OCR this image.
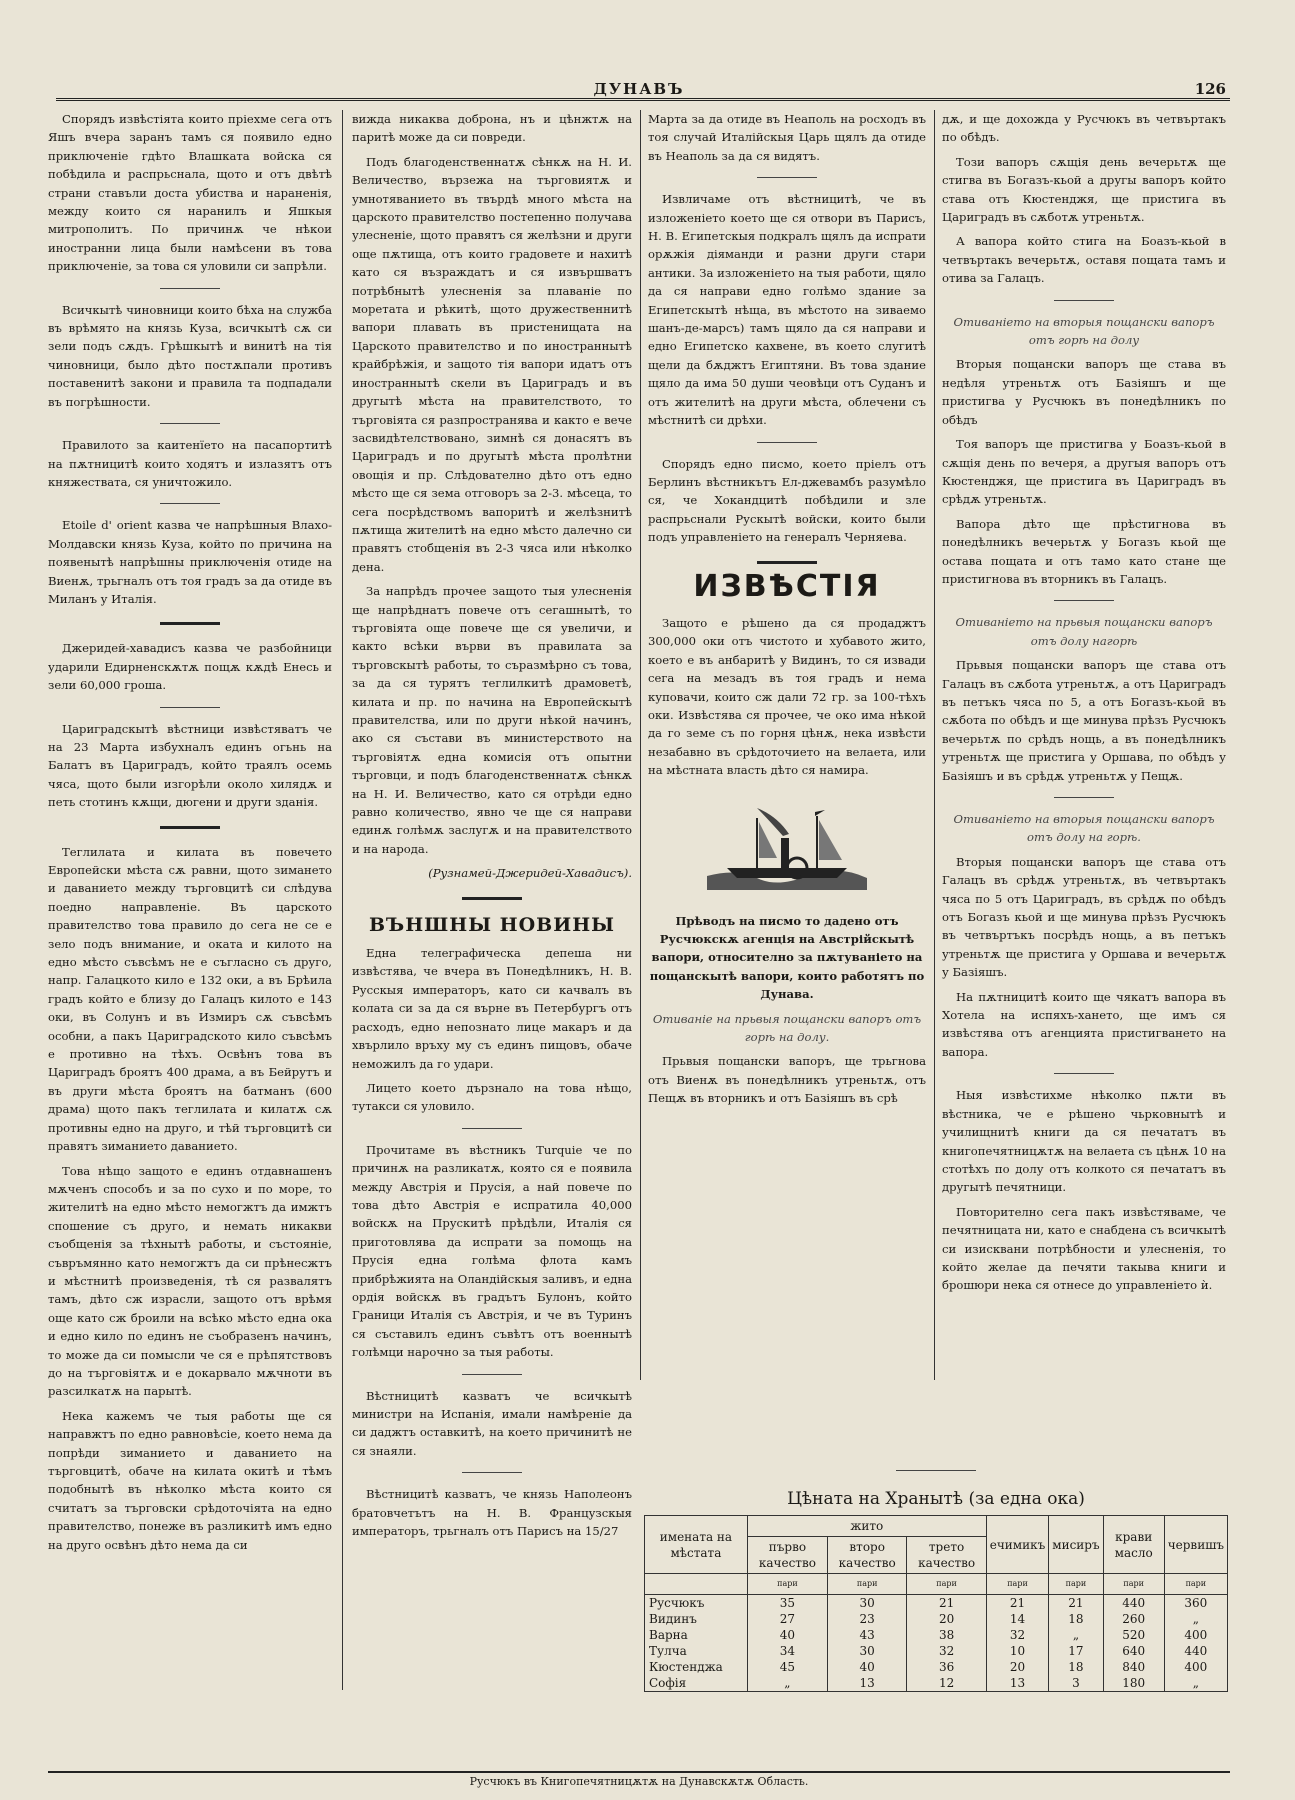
ДУНАВЪ	126

Спорядъ извѣстіята които пріехме сега отъ Яшъ вчера заранъ тамъ ся появило едно приключеніе гдѣто Влашката войска ся побѣдила и распрьснала, щото и отъ двѣтѣ страни ставъли доста убиства и нараненія, между които ся наранилъ и Яшкыя митрополитъ. По причинѫ че нѣкои иностранни лица были намѣсени въ това приключеніе, за това ся уловили си запрѣли.

Всичкытѣ чиновници които бѣха на служба въ врѣмято на князь Куза, всичкытѣ сѫ си зели подъ сѫдъ. Грѣшкытѣ и винитѣ на тія чиновници, было дѣто постѫпали противъ поставенитѣ закони и правила та подпадали въ погрѣшности.

Правилото за каитенїето на пасапортитѣ на пѫтницитѣ които ходятъ и излазятъ отъ княжествата, ся уничтожило.

Etoile d' orient казва че напрѣшныя Влахо-Молдавски князь Куза, който по причина на появенытѣ напрѣшны приключенія отиде на Виенѫ, трьгналъ отъ тоя градъ за да отиде въ Миланъ у Италія.

Джеридей-хавадисъ казва че разбойници ударили Едирненскѫтѫ пощѫ кѫдѣ Енесь и зели 60,000 гроша.

Цариградскытѣ вѣстници извѣстяватъ че на 23 Марта избухналъ единъ огьнь на Балатъ въ Цариградъ, който траялъ осемь чяса, щото были изгорѣли около хилядѫ и петь стотинъ кѫщи, дюгени и други зданія.

Теглилата и килата въ повечето Европейски мѣста сѫ равни, щото зимането и даванието между търговцитѣ си слѣдува поедно направленіе. Въ царското правителство това правило до сега не се е зело подъ внимание, и оката и килото на едно мѣсто съвсѣмъ не е съгласно съ друго, напр. Галацкото кило е 132 оки, а въ Брѣила градъ който е близу до Галацъ килото е 143 оки, въ Солунъ и въ Измиръ сѫ съвсѣмъ особни, а пакъ Цариградското кило съвсѣмъ е противно на тѣхъ. Освѣнъ това въ Цариградъ броятъ 400 драма, а въ Бейрутъ и въ други мѣста броятъ на батманъ (600 драма) щото пакъ теглилата и килатѫ сѫ противны едно на друго, и тѣй търговцитѣ си правятъ зиманието даванието.

Това нѣщо защото е единъ отдавнашенъ мѫченъ способъ и за по сухо и по море, то жителитѣ на едно мѣсто немогжтъ да имжтъ спошение съ друго, и немать никакви съобщенія за тѣхнытѣ работы, и състояніе, съвръмянно като немогжтъ да си прѣнесжтъ и мѣстнитѣ произведенія, тѣ ся развалятъ тамъ, дѣто сж израсли, защото отъ врѣмя още като сж броили на всѣко мѣсто една ока и едно кило по единъ не съобразенъ начинъ, то може да си помысли че ся е прѣпятствовъ до на търговіятѫ и е докарвало мѫчноти въ разсилкатѫ на парытѣ.

Нека кажемъ че тыя работы ще ся направжтъ по едно равновѣсіе, което нема да попрѣди зиманието и даванието на търговцитѣ, обаче на килата окитѣ и тѣмъ подобнытѣ въ нѣколко мѣста които ся считатъ за търговски срѣдоточіята на едно правителство, понеже въ разликитѣ имъ едно на друго освѣнъ дѣто нема да си

вижда никаква доброна, нъ и цѣнжтѫ на паритѣ може да си повреди.

Подъ благоденственнатѫ сѣнкѫ на Н. И. Величество, вързежа на търговиятѫ и умнотяванието въ твърдѣ много мѣста на царското правителство постепенно получава улесненіе, щото правятъ ся желѣзни и други още пѫтища, отъ които градовете и нахитѣ като ся възраждатъ и ся извършватъ потрѣбнытѣ улесненія за плаваніе по моретата и рѣкитѣ, щото дружественнитѣ вапори плавать въ пристенищата на Царското правителство и по иностраннытѣ крайбрѣжія, и защото тія вапори идатъ отъ иностраннытѣ скели въ Цариградъ и въ другытѣ мѣста на правителството, то търговіята ся разпространява и както е вече засвидѣтелствовано, зимнѣ ся донасятъ въ Цариградъ и по другытѣ мѣста пролѣтни овощія и пр. Слѣдователно дѣто отъ едно мѣсто ще ся зема отговоръ за 2-3. мѣсеца, то сега посрѣдствомъ вапоритѣ и желѣзнитѣ пѫтища жителитѣ на едно мѣсто далечно си правятъ стобщенія въ 2-3 чяса или нѣколко дена.

За напрѣдъ прочее защото тыя улесненія ще напрѣднатъ повече отъ сегашнытѣ, то търговіята още повече ще ся увеличи, и както всѣки върви въ правилата за търговскытѣ работы, то съразмѣрно съ това, за да ся турятъ теглилкитѣ драмоветѣ, килата и пр. по начина на Европейскытѣ правителства, или по други нѣкой начинъ, ако ся състави въ министерството на търговіятѫ една комисія отъ опытни търговци, и подъ благоденственнатѫ сѣнкѫ на Н. И. Величество, като ся отрѣди едно равно количество, явно че ще ся направи единѫ голѣмѫ заслугѫ и на правителството и на народа.

(Рузнамей-Джеридей-Хавадисъ).
ВЪНШНЫ НОВИНЫ

Една телеграфическа депеша ни извѣстява, че вчера въ Понедѣлникъ, Н. В. Русскыя императоръ, като си качвалъ въ колата си за да ся върне въ Петербургъ отъ расходъ, едно непознато лице макаръ и да хвърлило връху му съ единъ пищовъ, обаче неможилъ да го удари.

Лицето което дързнало на това нѣщо, тутакси ся уловило.

Прочитаме въ вѣстникъ Turquie че по причинѫ на разликатѫ, която ся е появила между Австрія и Прусія, а най повече по това дѣто Австрія е испратила 40,000 войскѫ на Прускитѣ прѣдѣли, Италія ся приготовлява да испрати за помощь на Прусія една голѣма флота камъ прибрѣжията на Оландійскыя заливъ, и една ордія войскѫ въ градътъ Булонъ, който Граници Италія съ Австрія, и че въ Туринъ ся съставилъ единъ съвѣтъ отъ военнытѣ голѣмци нарочно за тыя работы.

Вѣстницитѣ казватъ че всичкытѣ министри на Испанія, имали намѣреніе да си даджтъ оставкитѣ, на което причинитѣ не ся знаяли.

Вѣстницитѣ казватъ, че князь Наполеонъ братовчетътъ на Н. В. Французскыя императоръ, трьгналъ отъ Парисъ на 15/27

Марта за да отиде въ Неаполь на росходъ въ тоя случай Италійскыя Царь щялъ да отиде въ Неаполь за да ся видятъ.

Извличаме отъ вѣстницитѣ, че въ изложеніето което ще ся отвори въ Парисъ, Н. В. Египетскыя подкралъ щялъ да испрати орѫжія діяманди и разни други стари антики. За изложеніето на тыя работи, щяло да ся направи едно голѣмо здание за Египетскытѣ нѣща, въ мѣстото на зиваемо шанъ-де-марсъ) тамъ щяло да ся направи и едно Египетско кахвене, въ което слугитѣ щели да бѫджтъ Египтяни. Въ това здание щяло да има 50 души чеовѣци отъ Суданъ и отъ жителитѣ на други мѣста, облечени съ мѣстнитѣ си дрѣхи.

Спорядъ едно писмо, което пріелъ отъ Берлинъ вѣстникътъ Ел-джевамбъ разумѣло ся, че Хокандцитѣ побѣдили и зле распрьснали Рускытѣ войски, които были подъ управленіето на генералъ Черняева.

ИЗВѢСТІЯ

Защото е рѣшено да ся продаджтъ 300,000 оки отъ чистото и хубавото жито, което е въ анбаритѣ у Видинъ, то ся извади сега на мезадъ въ тоя градъ и нема куповачи, които сж дали 72 гр. за 100-тѣхъ оки. Извѣстява ся прочее, че око има нѣкой да го земе съ по горня цѣнѫ, нека извѣсти незабавно въ срѣдоточието на велаета, или на мѣстната власть дѣто ся намира.

Прѣводъ на писмо то дадено отъ Русчюкскѫ агенція на Австрійскытѣ вапори, относително за пѫтуваніето на пощанскытѣ вапори, които работятъ по Дунава.

Отиваніе на прьвыя пощански вапоръ отъ горѣ на долу.

Прьвыя пощански вапоръ, ще трьгнова отъ Виенѫ въ понедѣлникъ утреньтѫ, отъ Пещѫ въ вторникъ и отъ Базіяшъ въ срѣ

дѫ, и ще дохожда у Русчюкъ въ четвъртакъ по обѣдъ.

Този вапоръ сѫщія день вечерьтѫ ще стигва въ Богазъ-кьой а другы вапоръ който става отъ Кюстенджя, ще пристига въ Цариградъ въ сѫботѫ утреньтѫ.

А вапора който стига на Боазъ-кьой в четвъртакъ вечерьтѫ, оставя пощата тамъ и отива за Галацъ.

Отиваніето на вторыя пощански вапоръ отъ горѣ на долу

Вторыя пощански вапоръ ще става въ недѣля утреньтѫ отъ Базіяшъ и ще пристигва у Русчюкъ въ понедѣлникъ по обѣдъ

Тоя вапоръ ще пристигва у Боазъ-кьой в сѫщія день по вечеря, а другыя вапоръ отъ Кюстенджя, ще пристига въ Цариградъ въ срѣдѫ утреньтѫ.

Вапора дѣто ще прѣстигнова въ понедѣлникъ вечерьтѫ у Богазъ кьой ще остава пощата и отъ тамо като стане ще пристигнова въ вторникъ въ Галацъ.

Отиваніето на прьвыя пощански вапоръ отъ долу нагорѣ

Прьвыя пощански вапоръ ще става отъ Галацъ въ сѫбота утреньтѫ, а отъ Цариградъ въ петъкъ чяса по 5, а отъ Богазъ-кьой въ сѫбота по обѣдъ и ще минува прѣзъ Русчюкъ вечерьтѫ по срѣдъ нощь, а въ понедѣлникъ утреньтѫ ще пристига у Оршава, по обѣдъ у Базіяшъ и въ срѣдѫ утреньтѫ у Пещѫ.

Отиваніето на вторыя пощански вапоръ отъ долу на горѣ.

Вторыя пощански вапоръ ще става отъ Галацъ въ срѣдѫ утреньтѫ, въ четвъртакъ чяса по 5 отъ Цариградъ, въ срѣдѫ по обѣдъ отъ Богазъ кьой и ще минува прѣзъ Русчюкъ въ четвъртъкъ посрѣдъ нощь, а въ петъкъ утреньтѫ ще пристига у Оршава и вечерьтѫ у Базіяшъ.

На пѫтницитѣ които ще чякатъ вапора въ Хотела на испяхъ-хането, ще имъ ся извѣстява отъ агенцията пристигването на вапора.

Ныя извѣстихме нѣколко пѫти въ вѣстника, че е рѣшено чьрковнытѣ и училищнитѣ книги да ся печататъ въ книгопечятницѫтѫ на велаета съ цѣнѫ 10 на стотѣхъ по долу отъ колкото ся печататъ въ другытѣ печятници.

Повторително сега пакъ извѣстяваме, че печятницата ни, като е снабдена съ всичкытѣ си изисквани потрѣбности и улесненія, то който желае да печяти такыва книги и брошюри нека ся отнесе до управленіето ѝ.

Цѣната на Хранытѣ (за една ока)
имената на мѣстата	жито			ечимикъ	мисиръ	крави масло	червишъ
	първо качество	второ качество	трето качество				
	пари	пари	пари	пари	пари	пари	пари
Русчюкъ	35	30	21	21	21	440	360
Видинъ	27	23	20	14	18	260	„
Варна	40	43	38	32	„	520	400
Тулча	34	30	32	10	17	640	440
Кюстенджа	45	40	36	20	18	840	400
Софія	„	13	12	13	3	180	„

Русчюкъ въ Книгопечятницѫтѫ на Дунавскѫтѫ Область.
